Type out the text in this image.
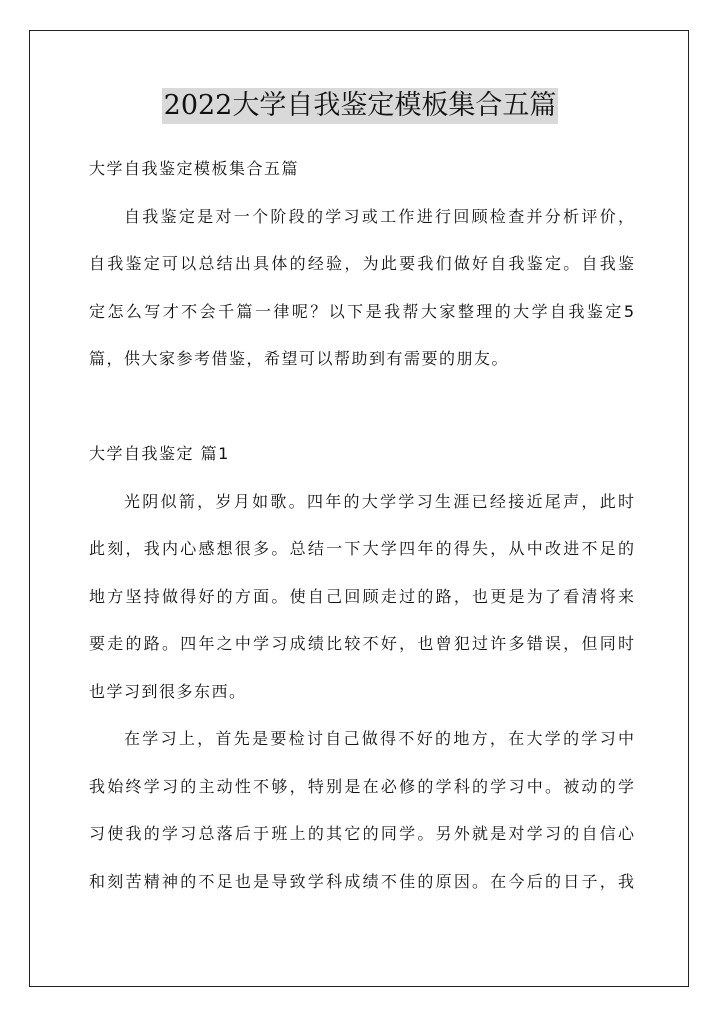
2022大学自我鉴定模板集合五篇
大学自我鉴定模板集合五篇
自我鉴定是对一个阶段的学习或工作进行回顾检查并分析评价，
自我鉴定可以总结出具体的经验，为此要我们做好自我鉴定。自我鉴
定怎么写才不会千篇一律呢？以下是我帮大家整理的大学自我鉴定5
篇，供大家参考借鉴，希望可以帮助到有需要的朋友。
大学自我鉴定 篇1
光阴似箭，岁月如歌。四年的大学学习生涯已经接近尾声，此时
此刻，我内心感想很多。总结一下大学四年的得失，从中改进不足的
地方坚持做得好的方面。使自己回顾走过的路，也更是为了看清将来
要走的路。四年之中学习成绩比较不好，也曾犯过许多错误，但同时
也学习到很多东西。
在学习上，首先是要检讨自己做得不好的地方，在大学的学习中
我始终学习的主动性不够，特别是在必修的学科的学习中。被动的学
习使我的学习总落后于班上的其它的同学。另外就是对学习的自信心
和刻苦精神的不足也是导致学科成绩不佳的原因。在今后的日子，我
